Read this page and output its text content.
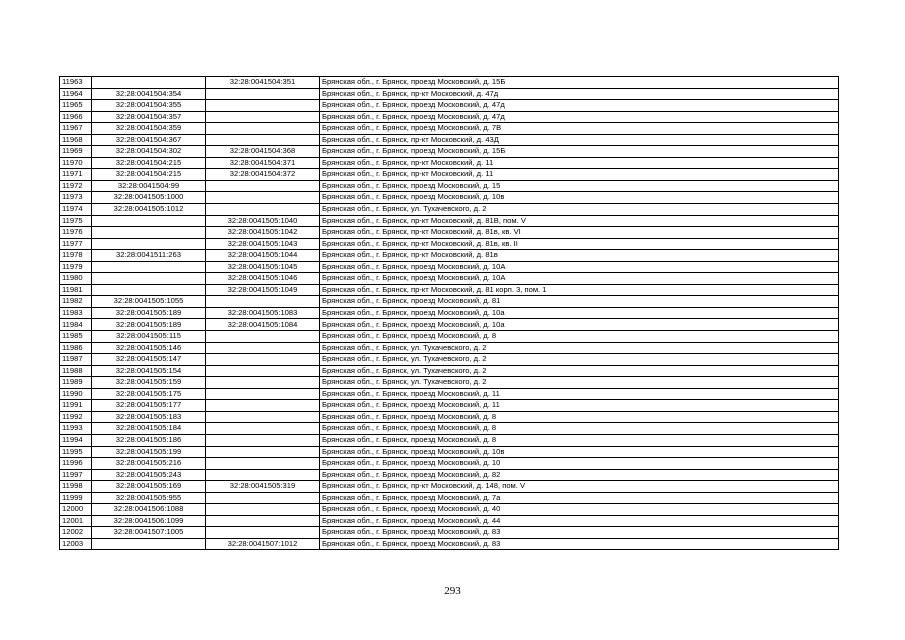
11963		32:28:0041504:351	Брянская обл., г. Брянск, проезд Московский, д. 15Б
11964	32:28:0041504:354		Брянская обл., г. Брянск, пр-кт Московский, д. 47д
11965	32:28:0041504:355		Брянская обл., г. Брянск, проезд Московский, д. 47д
11966	32:28:0041504:357		Брянская обл., г. Брянск, проезд Московский, д. 47д
11967	32:28:0041504:359		Брянская обл., г. Брянск, проезд Московский, д. 7В
11968	32:28:0041504:367		Брянская обл., г. Брянск, пр-кт Московский, д. 43Д
11969	32:28:0041504:302	32:28:0041504:368	Брянская обл., г. Брянск, проезд Московский, д. 15Б
11970	32:28:0041504:215	32:28:0041504:371	Брянская обл., г. Брянск, пр-кт Московский, д. 11
11971	32:28:0041504:215	32:28:0041504:372	Брянская обл., г. Брянск, пр-кт Московский, д. 11
11972	32:28:0041504:99		Брянская обл., г. Брянск, проезд Московский, д. 15
11973	32:28:0041505:1000		Брянская обл., г. Брянск, проезд Московский, д. 10в
11974	32:28:0041505:1012		Брянская обл., г. Брянск, ул. Тухачевского, д. 2
11975		32:28:0041505:1040	Брянская обл., г. Брянск, пр-кт Московский, д. 81В, пом. V
11976		32:28:0041505:1042	Брянская обл., г. Брянск, пр-кт Московский, д. 81в, кв. VI
11977		32:28:0041505:1043	Брянская обл., г. Брянск, пр-кт Московский, д. 81в, кв. II
11978	32:28:0041511:263	32:28:0041505:1044	Брянская обл., г. Брянск, пр-кт Московский, д. 81в
11979		32:28:0041505:1045	Брянская обл., г. Брянск, проезд Московский, д. 10А
11980		32:28:0041505:1046	Брянская обл., г. Брянск, проезд Московский, д. 10А
11981		32:28:0041505:1049	Брянская обл., г. Брянск, пр-кт Московский, д. 81 корп. 3, пом. 1
11982	32:28:0041505:1055		Брянская обл., г. Брянск, проезд Московский, д. 81
11983	32:28:0041505:189	32:28:0041505:1083	Брянская обл., г. Брянск, проезд Московский, д. 10а
11984	32:28:0041505:189	32:28:0041505:1084	Брянская обл., г. Брянск, проезд Московский, д. 10а
11985	32:28:0041505:115		Брянская обл., г. Брянск, проезд Московский, д. 8
11986	32:28:0041505:146		Брянская обл., г. Брянск, ул. Тухачевского, д. 2
11987	32:28:0041505:147		Брянская обл., г. Брянск, ул. Тухачевского, д. 2
11988	32:28:0041505:154		Брянская обл., г. Брянск, ул. Тухачевского, д. 2
11989	32:28:0041505:159		Брянская обл., г. Брянск, ул. Тухачевского, д. 2
11990	32:28:0041505:175		Брянская обл., г. Брянск, проезд Московский, д. 11
11991	32:28:0041505:177		Брянская обл., г. Брянск, проезд Московский, д. 11
11992	32:28:0041505:183		Брянская обл., г. Брянск, проезд Московский, д. 8
11993	32:28:0041505:184		Брянская обл., г. Брянск, проезд Московский, д. 8
11994	32:28:0041505:186		Брянская обл., г. Брянск, проезд Московский, д. 8
11995	32:28:0041505:199		Брянская обл., г. Брянск, проезд Московский, д. 10в
11996	32:28:0041505:216		Брянская обл., г. Брянск, проезд Московский, д. 10
11997	32:28:0041505:243		Брянская обл., г. Брянск, проезд Московский, д. 82
11998	32:28:0041505:169	32:28:0041505:319	Брянская обл., г. Брянск, пр-кт Московский, д. 148, пом. V
11999	32:28:0041505:955		Брянская обл., г. Брянск, проезд Московский, д. 7а
12000	32:28:0041506:1088		Брянская обл., г. Брянск, проезд Московский, д. 40
12001	32:28:0041506:1099		Брянская обл., г. Брянск, проезд Московский, д. 44
12002	32:28:0041507:1005		Брянская обл., г. Брянск, проезд Московский, д. 83
12003		32:28:0041507:1012	Брянская обл., г. Брянск, проезд Московский, д. 83
293
